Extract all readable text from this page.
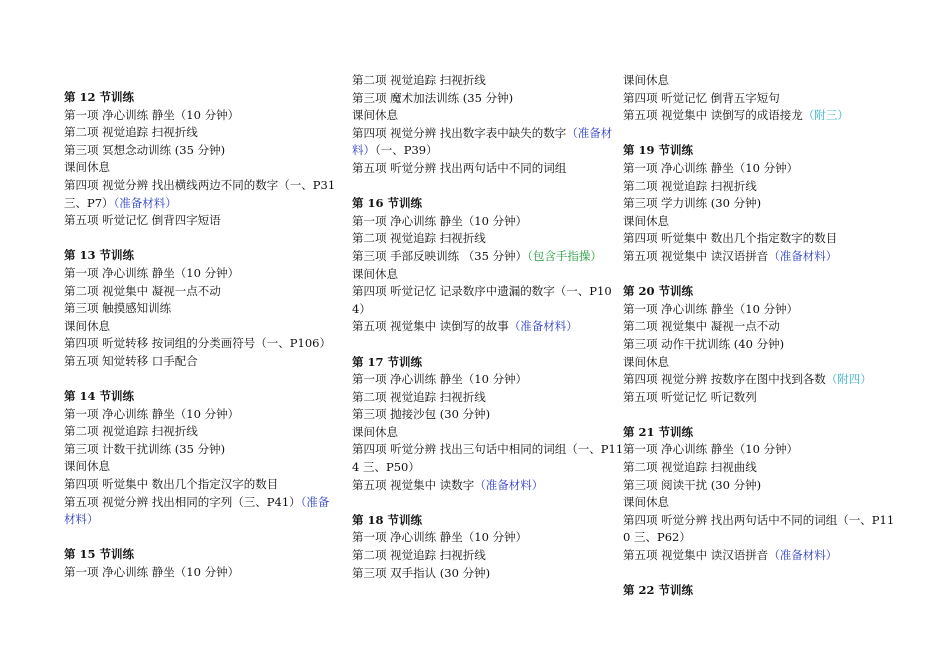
第 12 节训练
第一项 净心训练 静坐（10 分钟）
第二项 视觉追踪 扫视折线
第三项 冥想念动训练 (35 分钟)
课间休息
第四项 视觉分辨 找出横线两边不同的数字（一、P31 三、P7）（准备材料）
第五项 听觉记忆 倒背四字短语
第 13 节训练
第一项 净心训练 静坐（10 分钟）
第二项 视觉集中 凝视一点不动
第三项 触摸感知训练
课间休息
第四项 听觉转移 按词组的分类画符号（一、P106）
第五项 知觉转移 口手配合
第 14 节训练
第一项 净心训练 静坐（10 分钟）
第二项 视觉追踪 扫视折线
第三项 计数干扰训练 (35 分钟)
课间休息
第四项 听觉集中 数出几个指定汉字的数目
第五项 视觉分辨 找出相同的字列（三、P41）（准备材料）
第 15 节训练
第一项 净心训练 静坐（10 分钟）
第二项 视觉追踪 扫视折线
第三项 魔术加法训练 (35 分钟)
课间休息
第四项 视觉分辨 找出数字表中缺失的数字（准备材料）（一、P39）
第五项 听觉分辨 找出两句话中不同的词组
第 16 节训练
第一项 净心训练 静坐（10 分钟）
第二项 视觉追踪 扫视折线
第三项 手部反映训练 （35 分钟）（包含手指操）
课间休息
第四项 听觉记忆 记录数序中遗漏的数字（一、P104）
第五项 视觉集中 读倒写的故事（准备材料）
第 17 节训练
第一项 净心训练 静坐（10 分钟）
第二项 视觉追踪 扫视折线
第三项 抛接沙包 (30 分钟)
课间休息
第四项 听觉分辨 找出三句话中相同的词组（一、P114 三、P50）
第五项 视觉集中 读数字（准备材料）
第 18 节训练
第一项 净心训练 静坐（10 分钟）
第二项 视觉追踪 扫视折线
第三项 双手指认 (30 分钟)
课间休息
第四项 听觉记忆 倒背五字短句
第五项 视觉集中 读倒写的成语接龙（附三）
第 19 节训练
第一项 净心训练 静坐（10 分钟）
第二项 视觉追踪 扫视折线
第三项 学力训练 (30 分钟)
课间休息
第四项 听觉集中 数出几个指定数字的数目
第五项 视觉集中 读汉语拼音（准备材料）
第 20 节训练
第一项 净心训练 静坐（10 分钟）
第二项 视觉集中 凝视一点不动
第三项 动作干扰训练 (40 分钟)
课间休息
第四项 视觉分辨 按数序在图中找到各数（附四）
第五项 听觉记忆 听记数列
第 21 节训练
第一项 净心训练 静坐（10 分钟）
第二项 视觉追踪 扫视曲线
第三项 阅读干扰 (30 分钟)
课间休息
第四项 听觉分辨 找出两句话中不同的词组（一、P110 三、P62）
第五项 视觉集中 读汉语拼音（准备材料）
第 22 节训练
